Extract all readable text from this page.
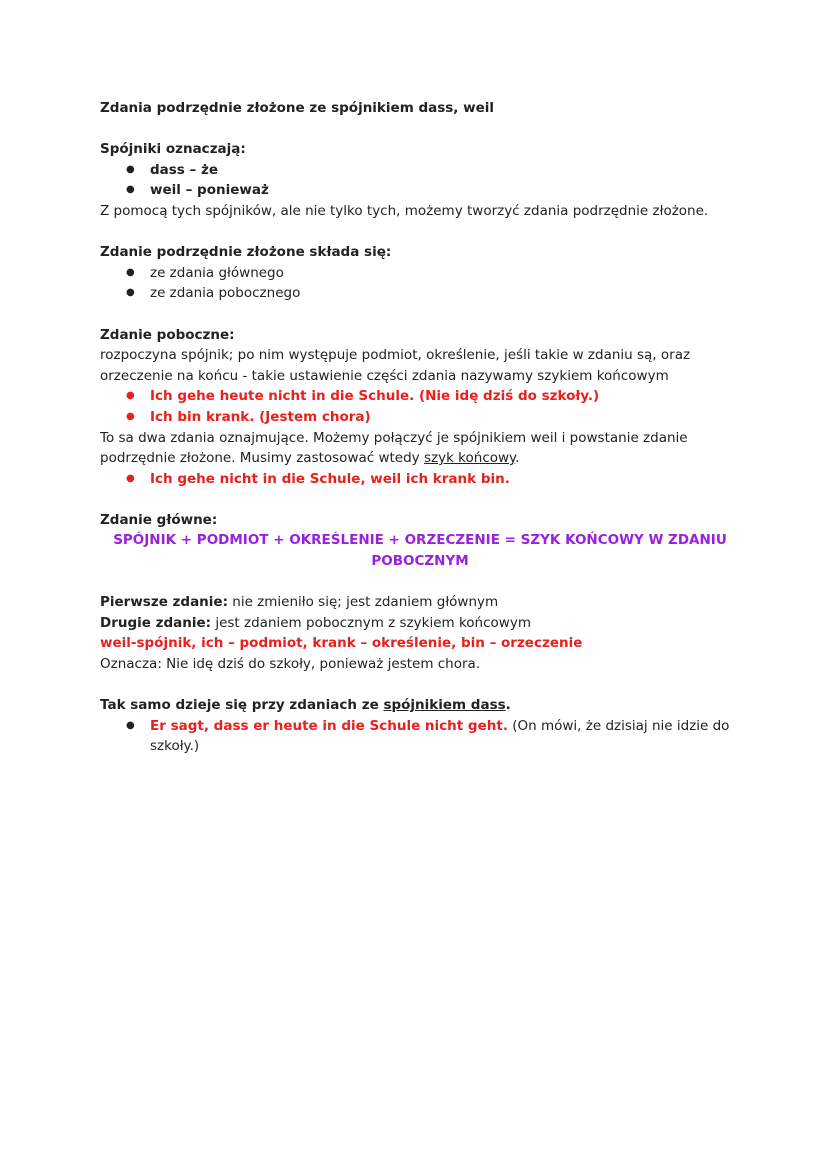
Zdania podrzędnie złożone ze spójnikiem dass, weil

Spójniki oznaczają:

● dass – że
● weil – ponieważ

Z pomocą tych spójników, ale nie tylko tych, możemy tworzyć zdania podrzędnie złożone.

Zdanie podrzędnie złożone składa się:

● ze zdania głównego
● ze zdania pobocznego

Zdanie poboczne:

rozpoczyna spójnik; po nim występuje podmiot, określenie, jeśli takie w zdaniu są, oraz orzeczenie na końcu - takie ustawienie części zdania nazywamy szykiem końcowym

● Ich gehe heute nicht in die Schule. (Nie idę dziś do szkoły.)
● Ich bin krank. (Jestem chora)

To sa dwa zdania oznajmujące. Możemy połączyć je spójnikiem weil i powstanie zdanie podrzędnie złożone. Musimy zastosować wtedy szyk końcowy.

● Ich gehe nicht in die Schule, weil ich krank bin.

Zdanie główne:

SPÓJNIK + PODMIOT + OKREŚLENIE + ORZECZENIE = SZYK KOŃCOWY W ZDANIU POBOCZNYM

Pierwsze zdanie: nie zmieniło się; jest zdaniem głównym

Drugie zdanie: jest zdaniem pobocznym z szykiem końcowym

weil-spójnik, ich – podmiot, krank – określenie, bin – orzeczenie

Oznacza: Nie idę dziś do szkoły, ponieważ jestem chora.

Tak samo dzieje się przy zdaniach ze spójnikiem dass.

● Er sagt, dass er heute in die Schule nicht geht. (On mówi, że dzisiaj nie idzie do szkoły.)
